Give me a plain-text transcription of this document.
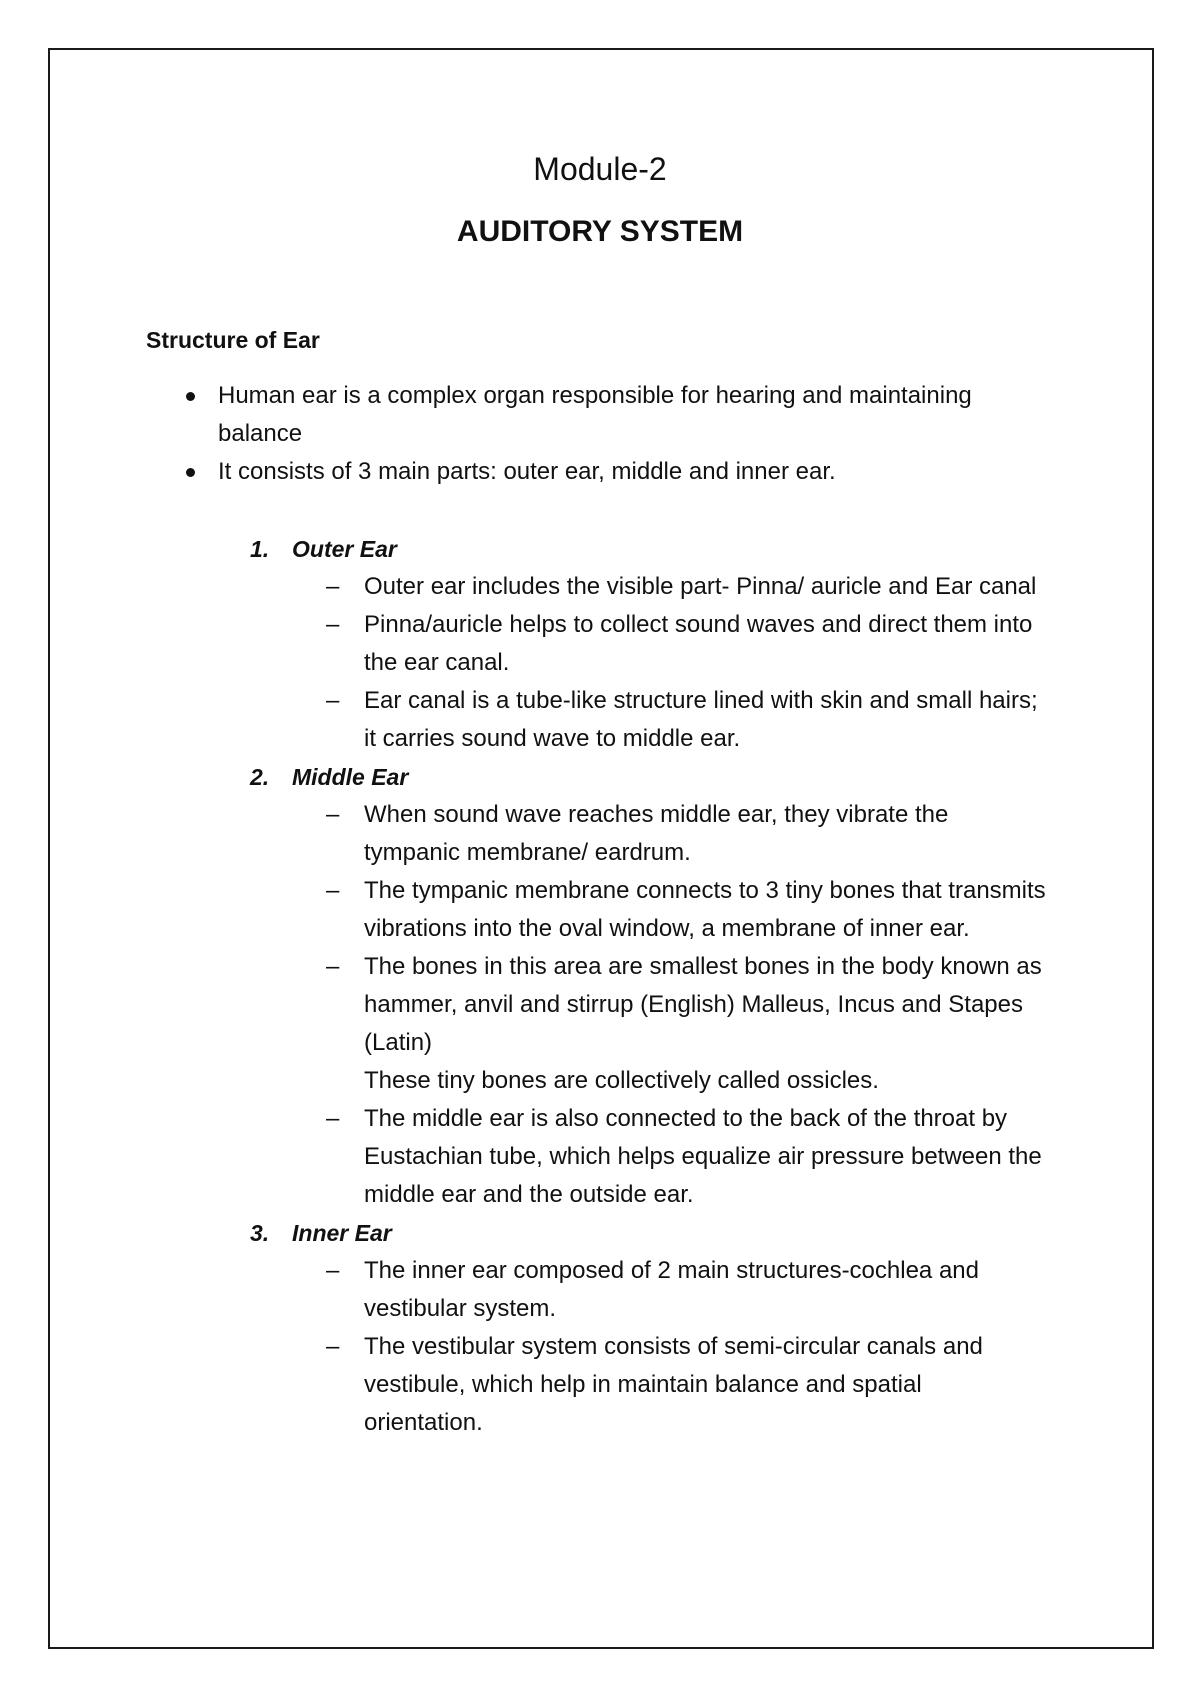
Module-2
AUDITORY SYSTEM
Structure of Ear
Human ear is a complex organ responsible for hearing and maintaining balance
It consists of 3 main parts: outer ear, middle and inner ear.
1. Outer Ear
– Outer ear includes the visible part- Pinna/ auricle and Ear canal
– Pinna/auricle helps to collect sound waves and direct them into the ear canal.
– Ear canal is a tube-like structure lined with skin and small hairs; it carries sound wave to middle ear.
2. Middle Ear
– When sound wave reaches middle ear, they vibrate the tympanic membrane/ eardrum.
– The tympanic membrane connects to 3 tiny bones that transmits vibrations into the oval window, a membrane of inner ear.
– The bones in this area are smallest bones in the body known as hammer, anvil and stirrup (English) Malleus, Incus and Stapes (Latin)
These tiny bones are collectively called ossicles.
– The middle ear is also connected to the back of the throat by Eustachian tube, which helps equalize air pressure between the middle ear and the outside ear.
3. Inner Ear
– The inner ear composed of 2 main structures-cochlea and vestibular system.
– The vestibular system consists of semi-circular canals and vestibule, which help in maintain balance and spatial orientation.
